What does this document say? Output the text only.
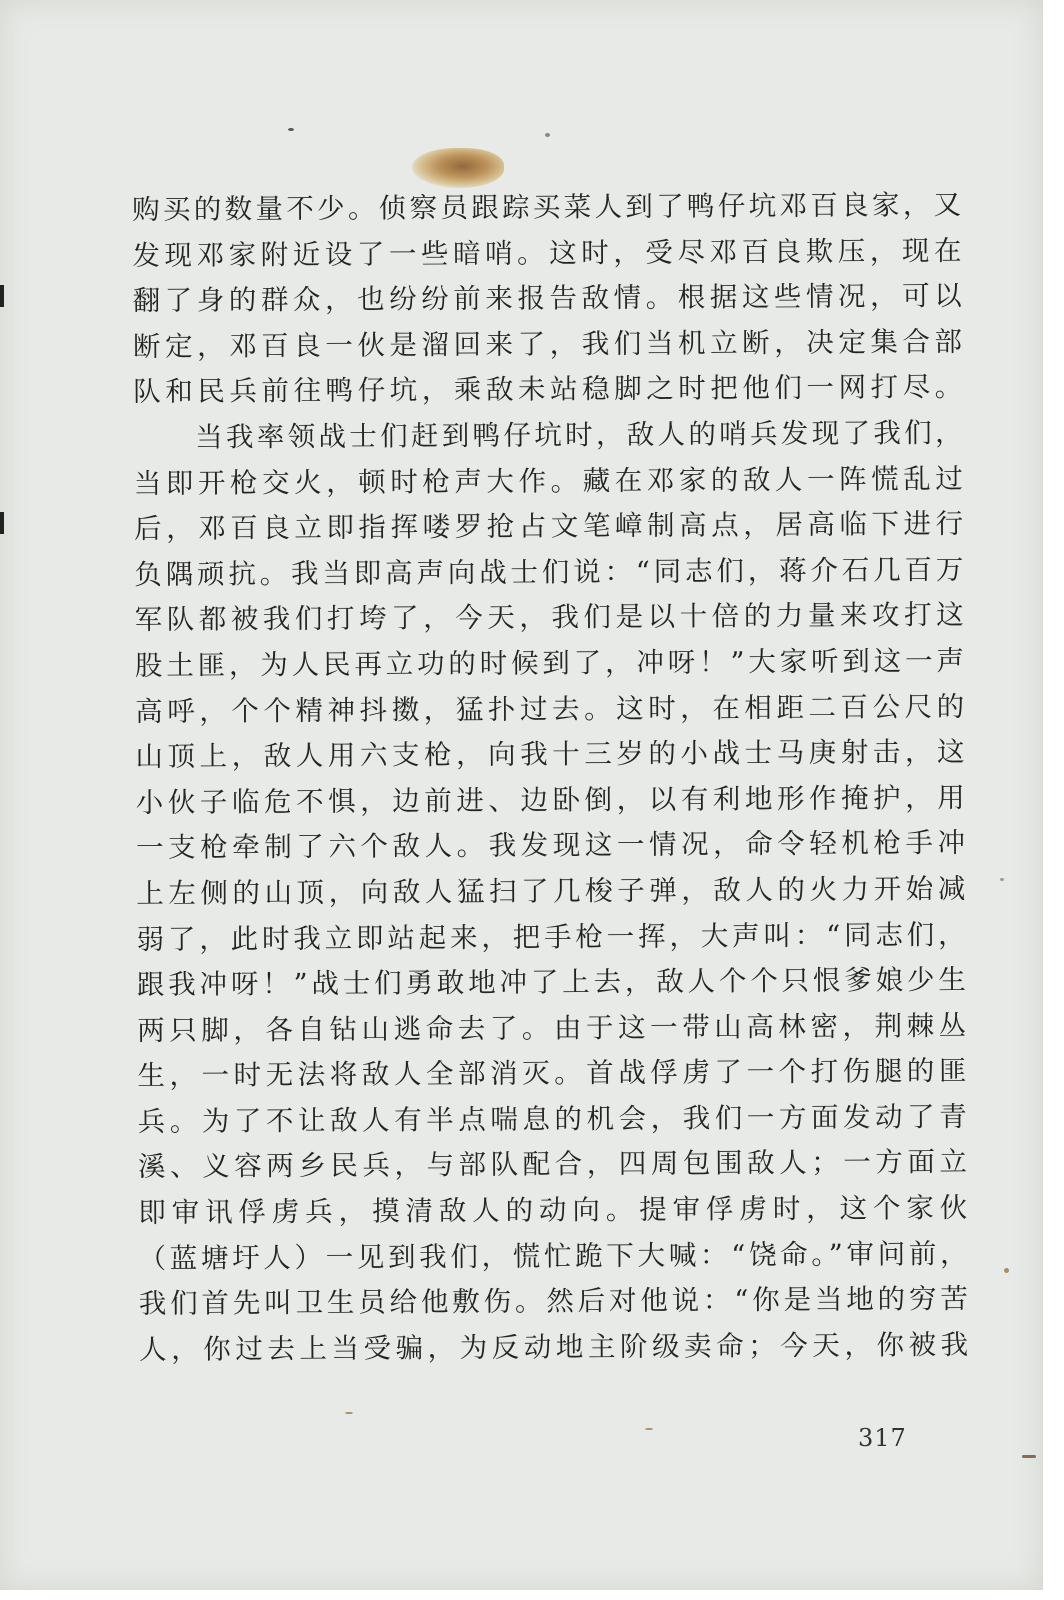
购买的数量不少。侦察员跟踪买菜人到了鸭仔坑邓百良家，又
发现邓家附近设了一些暗哨。这时，受尽邓百良欺压，现在
翻了身的群众，也纷纷前来报告敌情。根据这些情况，可以
断定，邓百良一伙是溜回来了，我们当机立断，决定集合部
队和民兵前往鸭仔坑，乘敌未站稳脚之时把他们一网打尽。
　　当我率领战士们赶到鸭仔坑时，敌人的哨兵发现了我们，
当即开枪交火，顿时枪声大作。藏在邓家的敌人一阵慌乱过
后，邓百良立即指挥喽罗抢占文笔嶂制高点，居高临下进行
负隅顽抗。我当即高声向战士们说：“同志们，蒋介石几百万
军队都被我们打垮了，今天，我们是以十倍的力量来攻打这
股土匪，为人民再立功的时候到了，冲呀！”大家听到这一声
高呼，个个精神抖擞，猛扑过去。这时，在相距二百公尺的
山顶上，敌人用六支枪，向我十三岁的小战士马庚射击，这
小伙子临危不惧，边前进、边卧倒，以有利地形作掩护，用
一支枪牵制了六个敌人。我发现这一情况，命令轻机枪手冲
上左侧的山顶，向敌人猛扫了几梭子弹，敌人的火力开始减
弱了，此时我立即站起来，把手枪一挥，大声叫：“同志们，
跟我冲呀！”战士们勇敢地冲了上去，敌人个个只恨爹娘少生
两只脚，各自钻山逃命去了。由于这一带山高林密，荆棘丛
生，一时无法将敌人全部消灭。首战俘虏了一个打伤腿的匪
兵。为了不让敌人有半点喘息的机会，我们一方面发动了青
溪、义容两乡民兵，与部队配合，四周包围敌人；一方面立
即审讯俘虏兵，摸清敌人的动向。提审俘虏时，这个家伙
（蓝塘圩人）一见到我们，慌忙跪下大喊：“饶命。”审问前，
我们首先叫卫生员给他敷伤。然后对他说：“你是当地的穷苦
人，你过去上当受骗，为反动地主阶级卖命；今天，你被我
317
